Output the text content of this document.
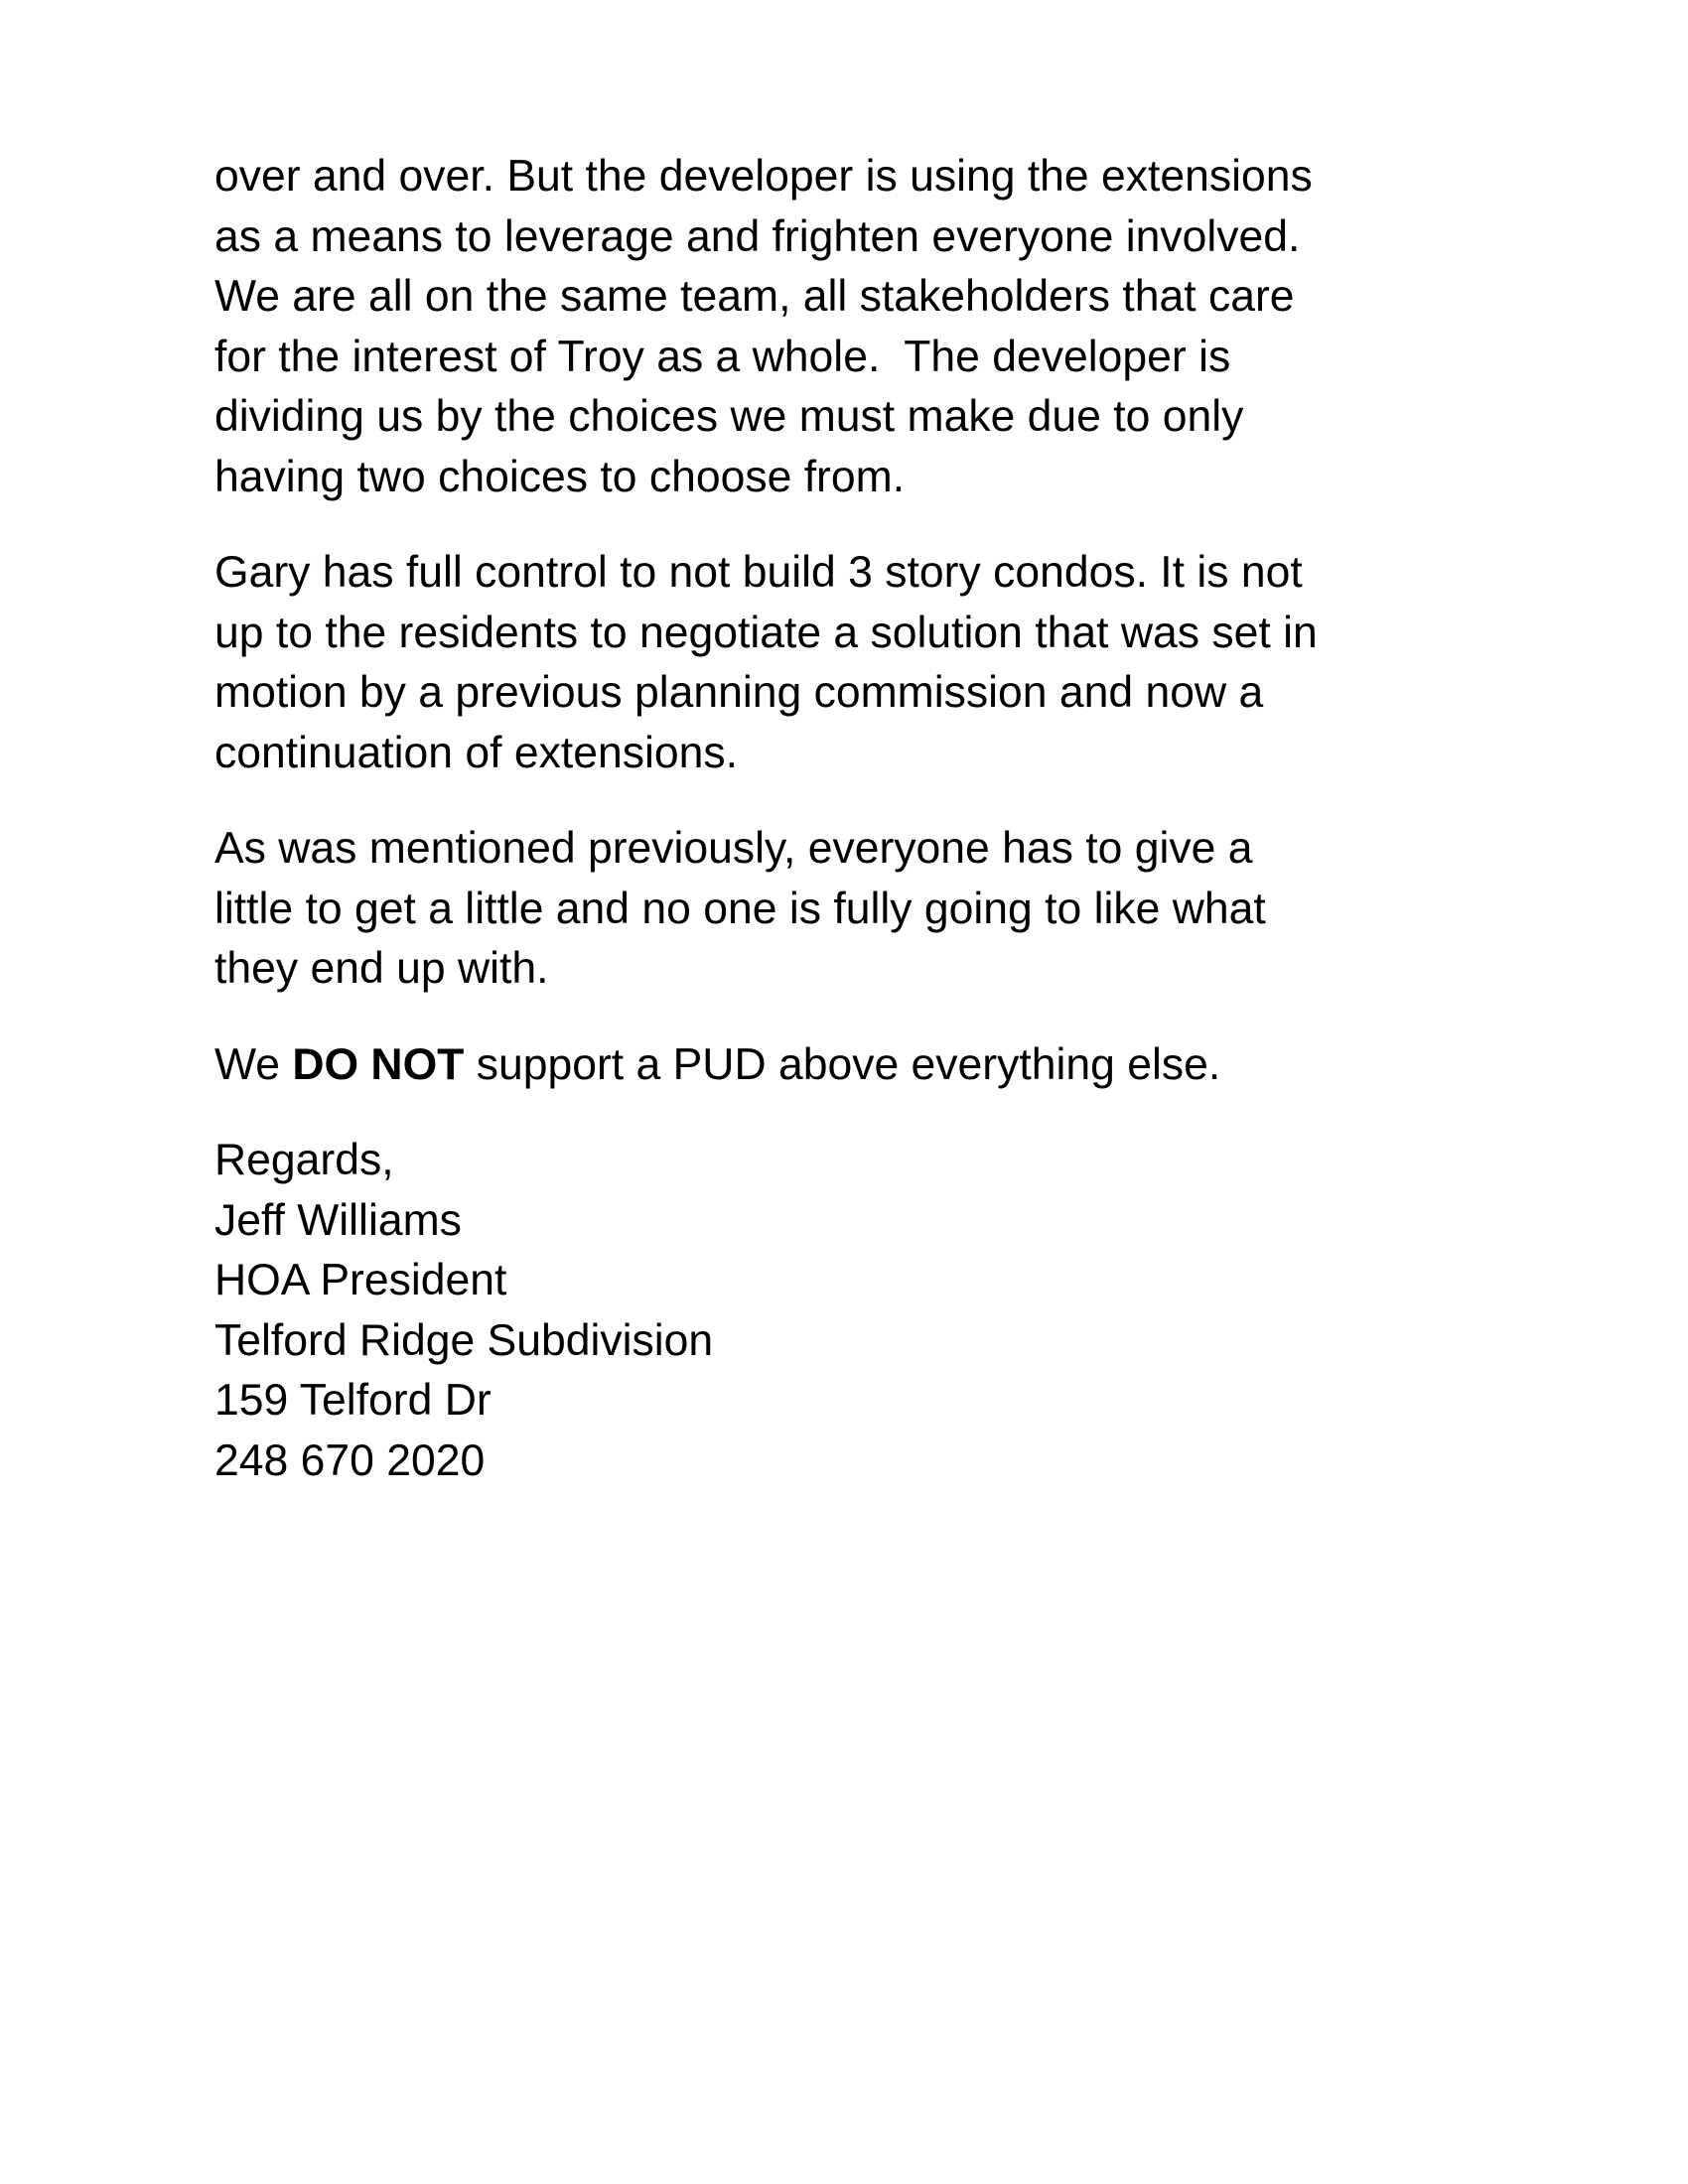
over and over. But the developer is using the extensions
as a means to leverage and frighten everyone involved.
We are all on the same team, all stakeholders that care
for the interest of Troy as a whole.  The developer is
dividing us by the choices we must make due to only
having two choices to choose from.
Gary has full control to not build 3 story condos. It is not
up to the residents to negotiate a solution that was set in
motion by a previous planning commission and now a
continuation of extensions.
As was mentioned previously, everyone has to give a
little to get a little and no one is fully going to like what
they end up with.
We DO NOT support a PUD above everything else.
Regards,
Jeff Williams
HOA President
Telford Ridge Subdivision
159 Telford Dr
248 670 2020
